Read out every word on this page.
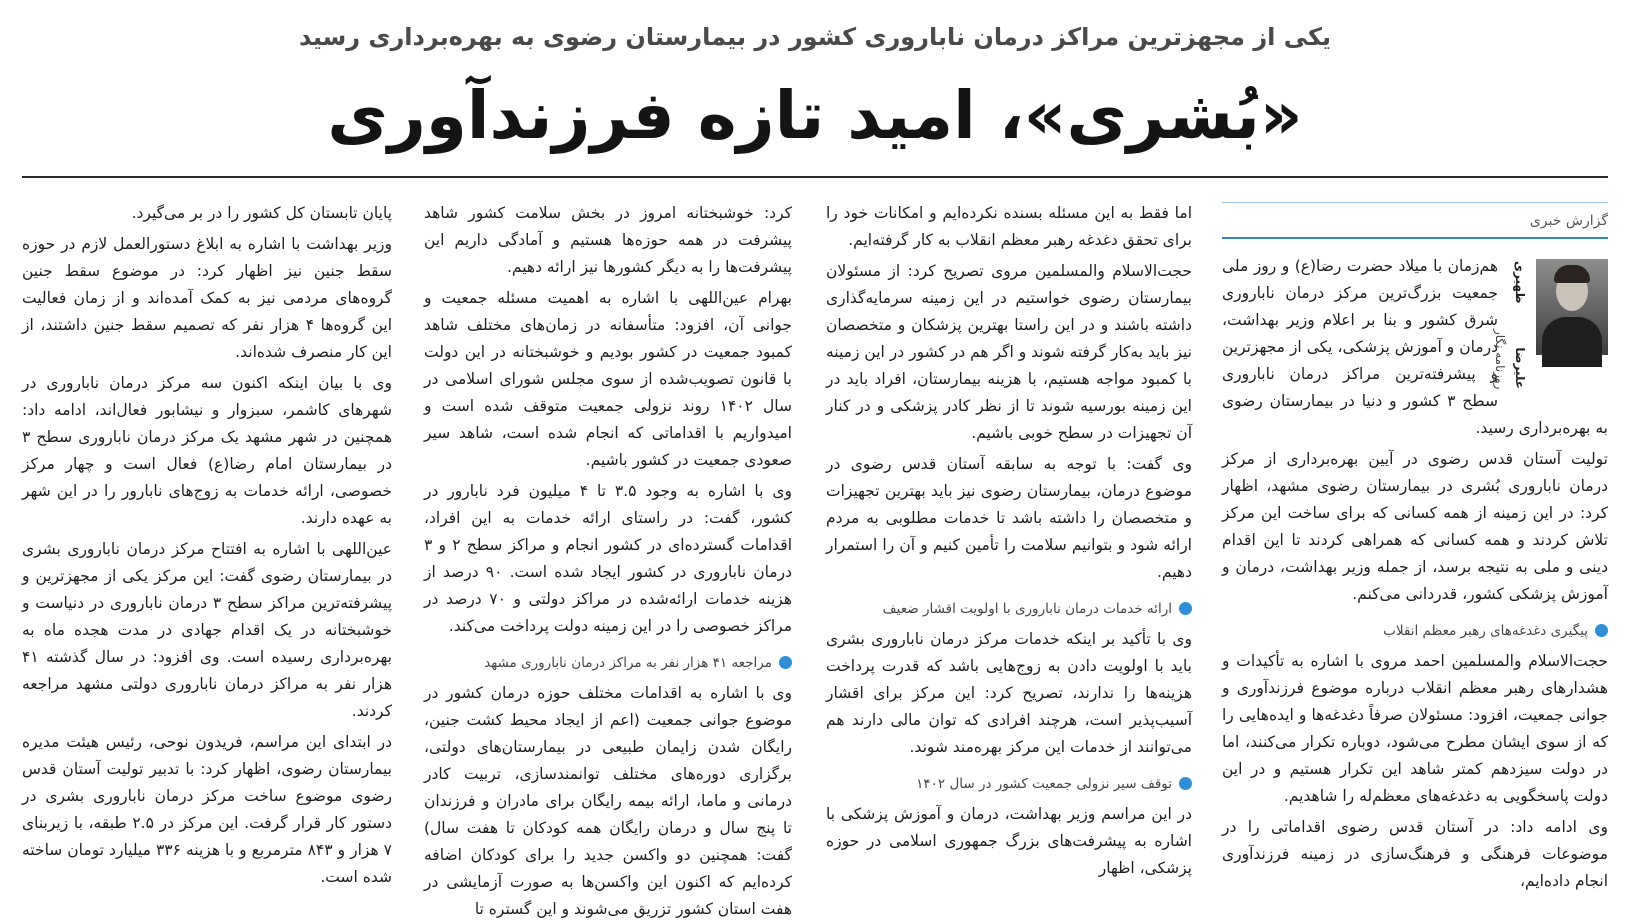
یکی از مجهزترین مراکز درمان ناباروری کشور در بیمارستان رضوی به بهره‌برداری رسید
«بُشری»، امید تازه فرزندآوری
گزارش خبری
علیرضا ظهیری روزنامه نگار

هم‌زمان با میلاد حضرت رضا(ع) و روز ملی جمعیت بزرگ‌ترین مرکز درمان ناباروری شرق کشور و بنا بر اعلام وزیر بهداشت، درمان و آموزش پزشکی، یکی از مجهزترین و پیشرفته‌ترین مراکز درمان ناباروری سطح ۳ کشور و دنیا در بیمارستان رضوی به بهره‌برداری رسید.

تولیت آستان قدس رضوی در آیین بهره‌برداری از مرکز درمان ناباروری بُشری در بیمارستان رضوی مشهد، اظهار کرد: در این زمینه از همه کسانی که برای ساخت این مرکز تلاش کردند و همه کسانی که همراهی کردند تا این اقدام دینی و ملی به نتیجه برسد، از جمله وزیر بهداشت، درمان و آموزش پزشکی کشور، قدردانی می‌کنم.

پیگیری دغدغه‌های رهبر معظم انقلاب

حجت‌الاسلام والمسلمین احمد مروی با اشاره به تأکیدات و هشدارهای رهبر معظم انقلاب درباره موضوع فرزندآوری و جوانی جمعیت، افزود: مسئولان صرفاً دغدغه‌ها و ایده‌هایی را که از سوی ایشان مطرح می‌شود، دوباره تکرار می‌کنند، اما در دولت سیزدهم کمتر شاهد این تکرار هستیم و در این دولت پاسخگویی به دغدغه‌های معظم‌له را شاهدیم.

وی ادامه داد: در آستان قدس رضوی اقداماتی را در موضوعات فرهنگی و فرهنگ‌سازی در زمینه فرزندآوری انجام داده‌ایم،

اما فقط به این مسئله بسنده نکرده‌ایم و امکانات خود را برای تحقق دغدغه رهبر معظم انقلاب به کار گرفته‌ایم.

حجت‌الاسلام والمسلمین مروی تصریح کرد: از مسئولان بیمارستان رضوی خواستیم در این زمینه سرمایه‌گذاری داشته باشند و در این راستا بهترین پزشکان و متخصصان نیز باید به‌کار گرفته شوند و اگر هم در کشور در این زمینه با کمبود مواجه هستیم، با هزینه بیمارستان، افراد باید در این زمینه بورسیه شوند تا از نظر کادر پزشکی و در کنار آن تجهیزات در سطح خوبی باشیم.

وی گفت: با توجه به سابقه آستان قدس رضوی در موضوع درمان، بیمارستان رضوی نیز باید بهترین تجهیزات و متخصصان را داشته باشد تا خدمات مطلوبی به مردم ارائه شود و بتوانیم سلامت را تأمین کنیم و آن را استمرار دهیم.

ارائه خدمات درمان ناباروری با اولویت اقشار ضعیف

وی با تأکید بر اینکه خدمات مرکز درمان ناباروری بشری باید با اولویت دادن به زوج‌هایی باشد که قدرت پرداخت هزینه‌ها را ندارند، تصریح کرد: این مرکز برای اقشار آسیب‌پذیر است، هرچند افرادی که توان مالی دارند هم می‌توانند از خدمات این مرکز بهره‌مند شوند.

توقف سیر نزولی جمعیت کشور در سال ۱۴۰۲

در این مراسم وزیر بهداشت، درمان و آموزش پزشکی با اشاره به پیشرفت‌های بزرگ جمهوری اسلامی در حوزه پزشکی، اظهار

کرد: خوشبختانه امروز در بخش سلامت کشور شاهد پیشرفت در همه حوزه‌ها هستیم و آمادگی داریم این پیشرفت‌ها را به دیگر کشورها نیز ارائه دهیم.

بهرام عین‌اللهی با اشاره به اهمیت مسئله جمعیت و جوانی آن، افزود: متأسفانه در زمان‌های مختلف شاهد کمبود جمعیت در کشور بودیم و خوشبختانه در این دولت با قانون تصویب‌شده از سوی مجلس شورای اسلامی در سال ۱۴۰۲ روند نزولی جمعیت متوقف شده است و امیدواریم با اقداماتی که انجام شده است، شاهد سیر صعودی جمعیت در کشور باشیم.

وی با اشاره به وجود ۳.۵ تا ۴ میلیون فرد نابارور در کشور، گفت: در راستای ارائه خدمات به این افراد، اقدامات گسترده‌ای در کشور انجام و مراکز سطح ۲ و ۳ درمان ناباروری در کشور ایجاد شده است. ۹۰ درصد از هزینه خدمات ارائه‌شده در مراکز دولتی و ۷۰ درصد در مراکز خصوصی را در این زمینه دولت پرداخت می‌کند.

مراجعه ۴۱ هزار نفر به مراکز درمان ناباروری مشهد

وی با اشاره به اقدامات مختلف حوزه درمان کشور در موضوع جوانی جمعیت (اعم از ایجاد محیط کشت جنین، رایگان شدن زایمان طبیعی در بیمارستان‌های دولتی، برگزاری دوره‌های مختلف توانمندسازی، تربیت کادر درمانی و ماما، ارائه بیمه رایگان برای مادران و فرزندان تا پنج سال و درمان رایگان همه کودکان تا هفت سال) گفت: همچنین دو واکسن جدید را برای کودکان اضافه کرده‌ایم که اکنون این واکسن‌ها به صورت آزمایشی در هفت استان کشور تزریق می‌شوند و این گستره تا

پایان تابستان کل کشور را در بر می‌گیرد.

وزیر بهداشت با اشاره به ابلاغ دستورالعمل لازم در حوزه سقط جنین نیز اظهار کرد: در موضوع سقط جنین گروه‌های مردمی نیز به کمک آمده‌اند و از زمان فعالیت این گروه‌ها ۴ هزار نفر که تصمیم سقط جنین داشتند، از این کار منصرف شده‌اند.

وی با بیان اینکه اکنون سه مرکز درمان ناباروری در شهرهای کاشمر، سبزوار و نیشابور فعال‌اند، ادامه داد: همچنین در شهر مشهد یک مرکز درمان ناباروری سطح ۳ در بیمارستان امام رضا(ع) فعال است و چهار مرکز خصوصی، ارائه خدمات به زوج‌های نابارور را در این شهر به عهده دارند.

عین‌اللهی با اشاره به افتتاح مرکز درمان ناباروری بشری در بیمارستان رضوی گفت: این مرکز یکی از مجهزترین و پیشرفته‌ترین مراکز سطح ۳ درمان ناباروری در دنیاست و خوشبختانه در یک اقدام جهادی در مدت هجده ماه به بهره‌برداری رسیده است. وی افزود: در سال گذشته ۴۱ هزار نفر به مراکز درمان ناباروری دولتی مشهد مراجعه کردند.

در ابتدای این مراسم، فریدون نوحی، رئیس هیئت مدیره بیمارستان رضوی، اظهار کرد: با تدبیر تولیت آستان قدس رضوی موضوع ساخت مرکز درمان ناباروری بشری در دستور کار قرار گرفت. این مرکز در ۲.۵ طبقه، با زیربنای ۷ هزار و ۸۴۳ مترمربع و با هزینه ۳۳۶ میلیارد تومان ساخته شده است.
